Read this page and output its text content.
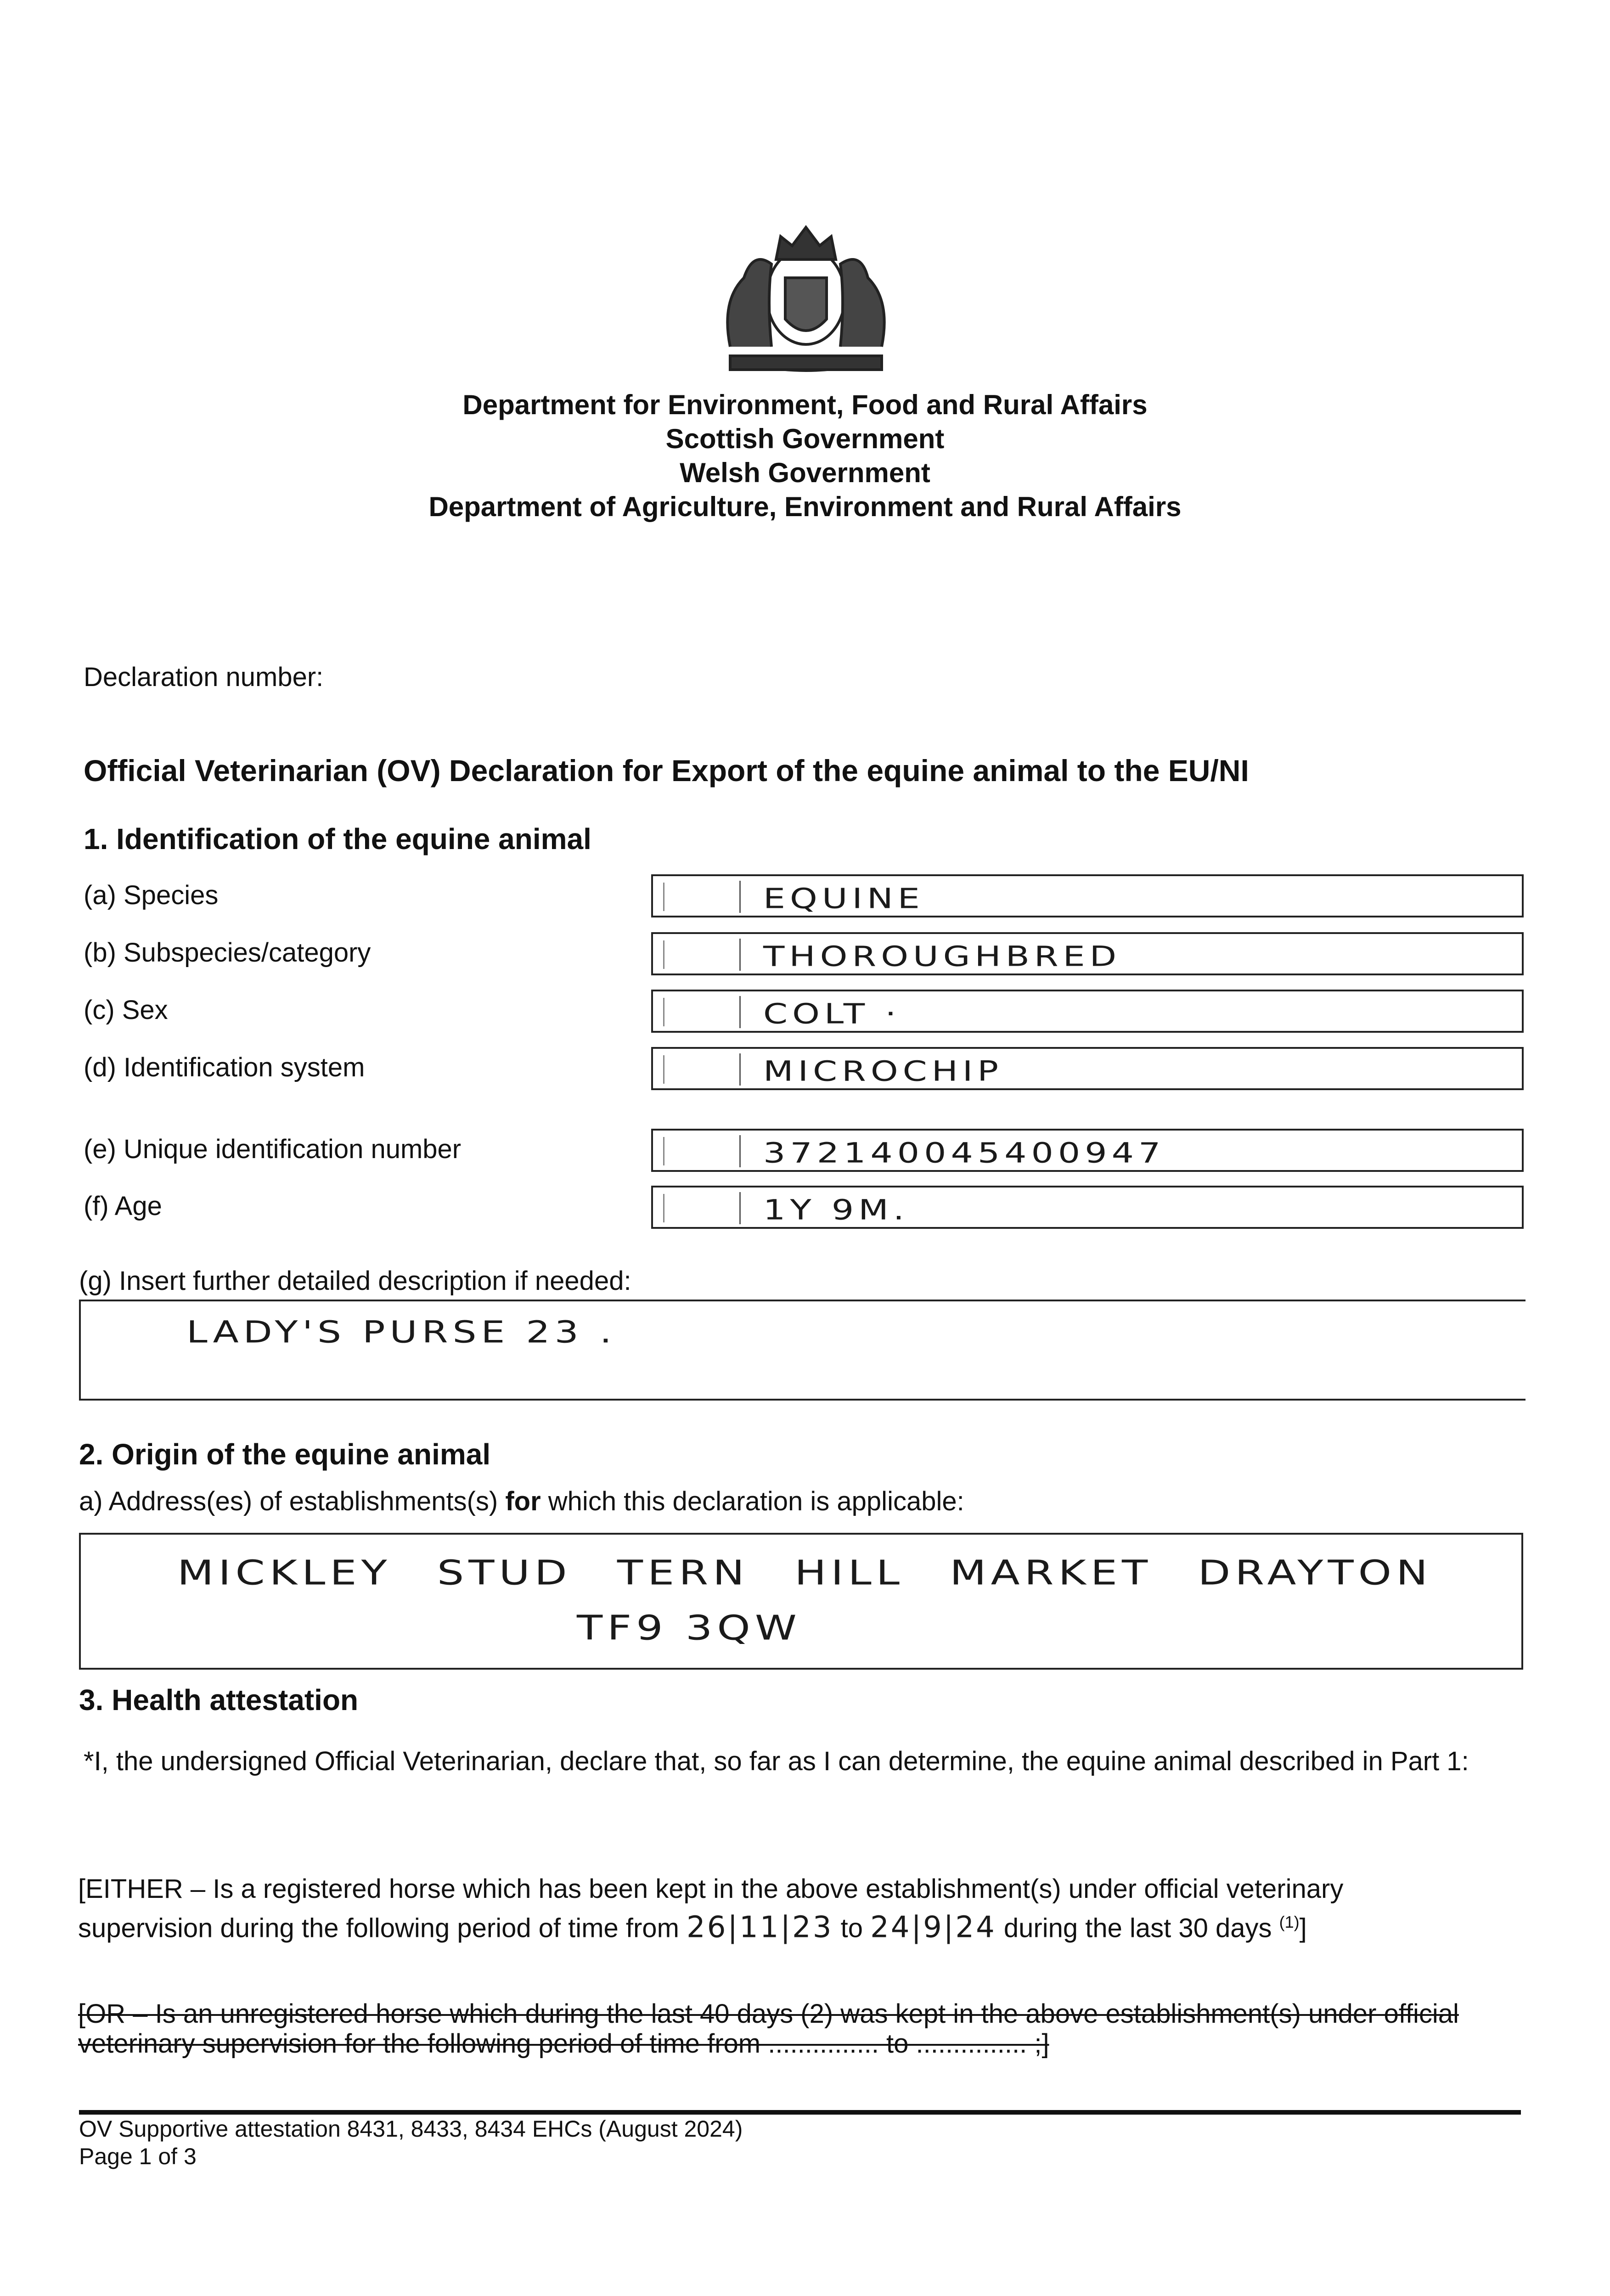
Department for Environment, Food and Rural Affairs
Scottish Government
Welsh Government
Department of Agriculture, Environment and Rural Affairs
Declaration number:
Official Veterinarian (OV) Declaration for Export of the equine animal to the EU/NI
1. Identification of the equine animal
(a) Species	EQUINE
(b) Subspecies/category	THOROUGHBRED
(c) Sex	COLT ·
(d) Identification system	MICROCHIP
(e) Unique identification number	372140045400947
(f) Age	1Y 9M.
(g) Insert further detailed description if needed:
LADY'S PURSE 23 .
2. Origin of the equine animal
a) Address(es) of establishments(s) for which this declaration is applicable:
MICKLEY STUD TERN HILL MARKET DRAYTON
TF9 3QW
3. Health attestation
*I, the undersigned Official Veterinarian, declare that, so far as I can determine, the equine animal described in Part 1:
[EITHER – Is a registered horse which has been kept in the above establishment(s) under official veterinary
supervision during the following period of time from 26|11|23 to 24|9|24 during the last 30 days $^{(1)}$]
[OR – Is an unregistered horse which during the last 40 days (2) was kept in the above establishment(s) under official
veterinary supervision for the following period of time from ............... to ............... ;]
OV Supportive attestation 8431, 8433, 8434 EHCs (August 2024)
Page 1 of 3
